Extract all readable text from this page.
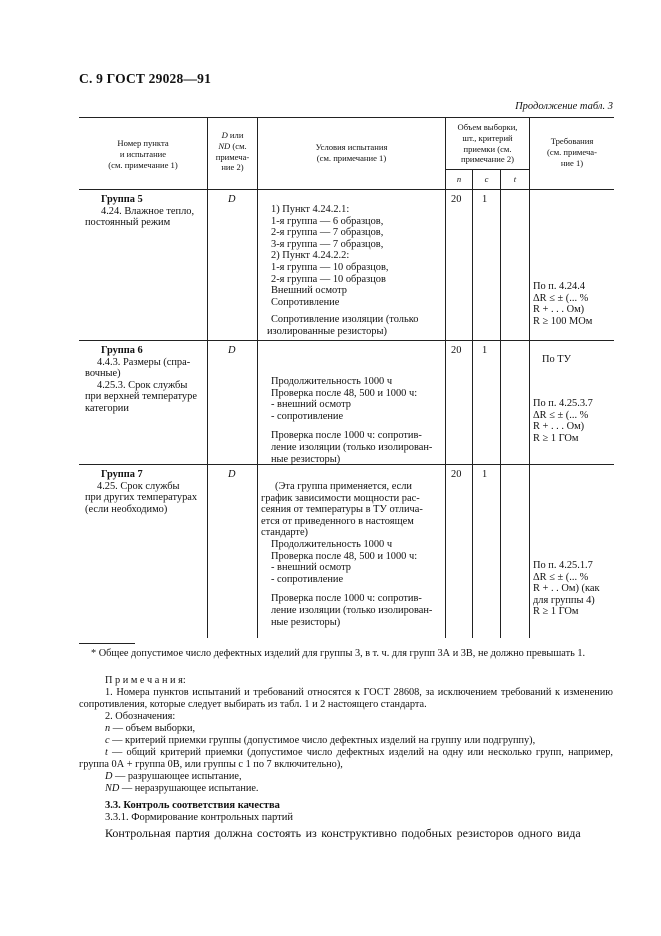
С. 9 ГОСТ 29028—91
Продолжение табл. 3
Номер пункта
и испытание
(см. примечание 1)
D или
ND (см.
примеча-
ние 2)
Условия испытания
(см. примечание 1)
Объем выборки,
шт., критерий
приемки (см.
примечание 2)
n	c	t
Требования
(см. примеча-
ние 1)
Группа 5
4.24. Влажное тепло,
постоянный режим
D
1) Пункт 4.24.2.1:
1-я группа — 6 образцов,
2-я группа — 7 образцов,
3-я группа — 7 образцов,
2) Пункт 4.24.2.2:
1-я группа — 10 образцов,
2-я группа — 10 образцов
Внешний осмотр
Сопротивление
Сопротивление изоляции (только
изолированные резисторы)
20 1
По п. 4.24.4
ΔR ≤ ± (... %
R + . . . Ом)
R ≥ 100 МОм
Группа 6
4.4.3. Размеры (спра-
вочные)
4.25.3. Срок службы
при верхней температуре
категории
D
Продолжительность 1000 ч
Проверка после 48, 500 и 1000 ч:
- внешний осмотр
- сопротивление
Проверка после 1000 ч: сопротив-
ление изоляции (только изолирован-
ные резисторы)
20 1
По ТУ
По п. 4.25.3.7
ΔR ≤ ± (... %
R + . . . Ом)
R ≥ 1 ГОм
Группа 7
4.25. Срок службы
при других температурах
(если необходимо)
D
(Эта группа применяется, если
график зависимости мощности рас-
сеяния от температуры в ТУ отлича-
ется от приведенного в настоящем
стандарте)
Продолжительность 1000 ч
Проверка после 48, 500 и 1000 ч:
- внешний осмотр
- сопротивление
Проверка после 1000 ч: сопротив-
ление изоляции (только изолирован-
ные резисторы)
20 1
По п. 4.25.1.7
ΔR ≤ ± (... %
R + . . Ом) (как
для группы 4)
R ≥ 1 ГОм
* Общее допустимое число дефектных изделий для группы 3, в т. ч. для групп 3А и 3В, не должно превышать 1.

П р и м е ч а н и я:

1. Номера пунктов испытаний и требований относятся к ГОСТ 28608, за исключением требований к изменению сопротивления, которые следует выбирать из табл. 1 и 2 настоящего стандарта.

2. Обозначения:

n — объем выборки,

c — критерий приемки группы (допустимое число дефектных изделий на группу или подгруппу),

t — общий критерий приемки (допустимое число дефектных изделий на одну или несколько групп, например, группа 0А + группа 0В, или группы с 1 по 7 включительно),

D — разрушающее испытание,

ND — неразрушающее испытание.

3.3. Контроль соответствия качества
3.3.1. Формирование контрольных партий
Контрольная партия должна состоять из конструктивно подобных резисторов одного вида
